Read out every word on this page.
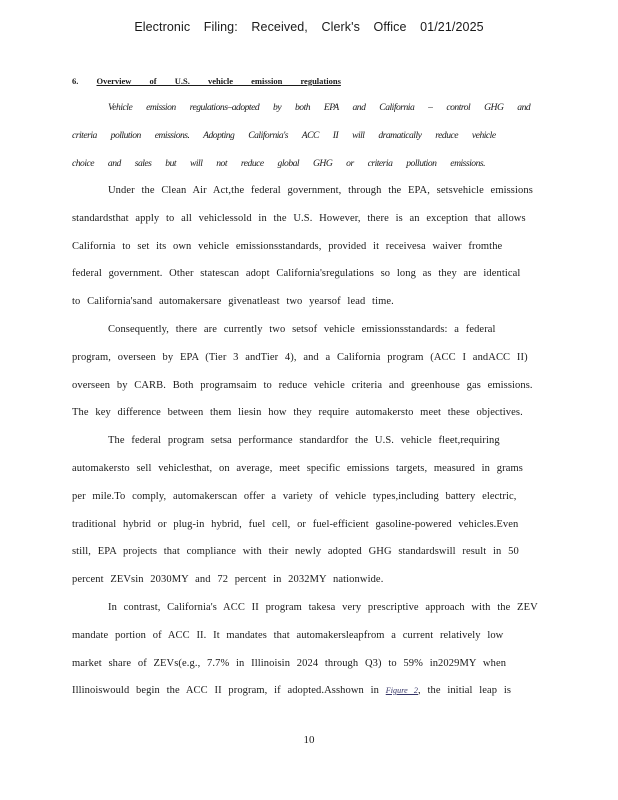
Electronic Filing: Received, Clerk's Office 01/21/2025
6. Overview of U.S. vehicle emission regulations
Vehicle emission regulations–adopted by both EPA and California – control GHG and
criteria pollution emissions. Adopting California's ACC II will dramatically reduce vehicle
choice and sales but will not reduce global GHG or criteria pollution emissions.
Under the Clean Air Act,the federal government, through the EPA, setsvehicle emissions
standardsthat apply to all vehiclessold in the U.S. However, there is an exception that allows
California to set its own vehicle emissionsstandards, provided it receivesa waiver fromthe
federal government. Other statescan adopt California'sregulations so long as they are identical
to California'sand automakersare givenatleast two yearsof lead time.
Consequently, there are currently two setsof vehicle emissionsstandards: a federal
program, overseen by EPA (Tier 3 andTier 4), and a California program (ACC I andACC II)
overseen by CARB. Both programsaim to reduce vehicle criteria and greenhouse gas emissions.
The key difference between them liesin how they require automakersto meet these objectives.
The federal program setsa performance standardfor the U.S. vehicle fleet,requiring
automakersto sell vehiclesthat, on average, meet specific emissions targets, measured in grams
per mile.To comply, automakerscan offer a variety of vehicle types,including battery electric,
traditional hybrid or plug-in hybrid, fuel cell, or fuel-efficient gasoline-powered vehicles.Even
still, EPA projects that compliance with their newly adopted GHG standardswill result in 50
percent ZEVsin 2030MY and 72 percent in 2032MY nationwide.
In contrast, California's ACC II program takesa very prescriptive approach with the ZEV
mandate portion of ACC II. It mandates that automakersleapfrom a current relatively low
market share of ZEVs(e.g., 7.7% in Illinoisin 2024 through Q3) to 59% in2029MY when
Illinoiswould begin the ACC II program, if adopted.Asshown in Figure 2, the initial leap is
10
